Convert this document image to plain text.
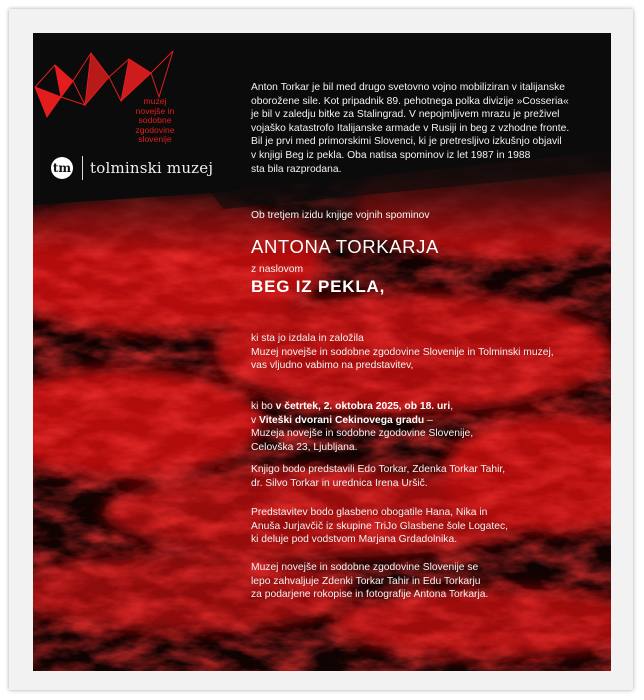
muzej
novejše in
sodobne
zgodovine
slovenije
tm tolminski muzej
Anton Torkar je bil med drugo svetovno vojno mobiliziran v italijanske
oborožene sile. Kot pripadnik 89. pehotnega polka divizije »Cosseria«
je bil v zaledju bitke za Stalingrad. V nepojmljivem mrazu je preživel
vojaško katastrofo Italijanske armade v Rusiji in beg z vzhodne fronte.
Bil je prvi med primorskimi Slovenci, ki je pretresljivo izkušnjo objavil
v knjigi Beg iz pekla. Oba natisa spominov iz let 1987 in 1988
sta bila razprodana.
Ob tretjem izidu knjige vojnih spominov
ANTONA TORKARJA
z naslovom
BEG IZ PEKLA,
ki sta jo izdala in založila
Muzej novejše in sodobne zgodovine Slovenije in Tolminski muzej,
vas vljudno vabimo na predstavitev,
ki bo v četrtek, 2. oktobra 2025, ob 18. uri,
v Viteški dvorani Cekinovega gradu –
Muzeja novejše in sodobne zgodovine Slovenije,
Celovška 23, Ljubljana.
Knjigo bodo predstavili Edo Torkar, Zdenka Torkar Tahir,
dr. Silvo Torkar in urednica Irena Uršič.
Predstavitev bodo glasbeno obogatile Hana, Nika in
Anuša Jurjavčič iz skupine TriJo Glasbene šole Logatec,
ki deluje pod vodstvom Marjana Grdadolnika.
Muzej novejše in sodobne zgodovine Slovenije se
lepo zahvaljuje Zdenki Torkar Tahir in Edu Torkarju
za podarjene rokopise in fotografije Antona Torkarja.
